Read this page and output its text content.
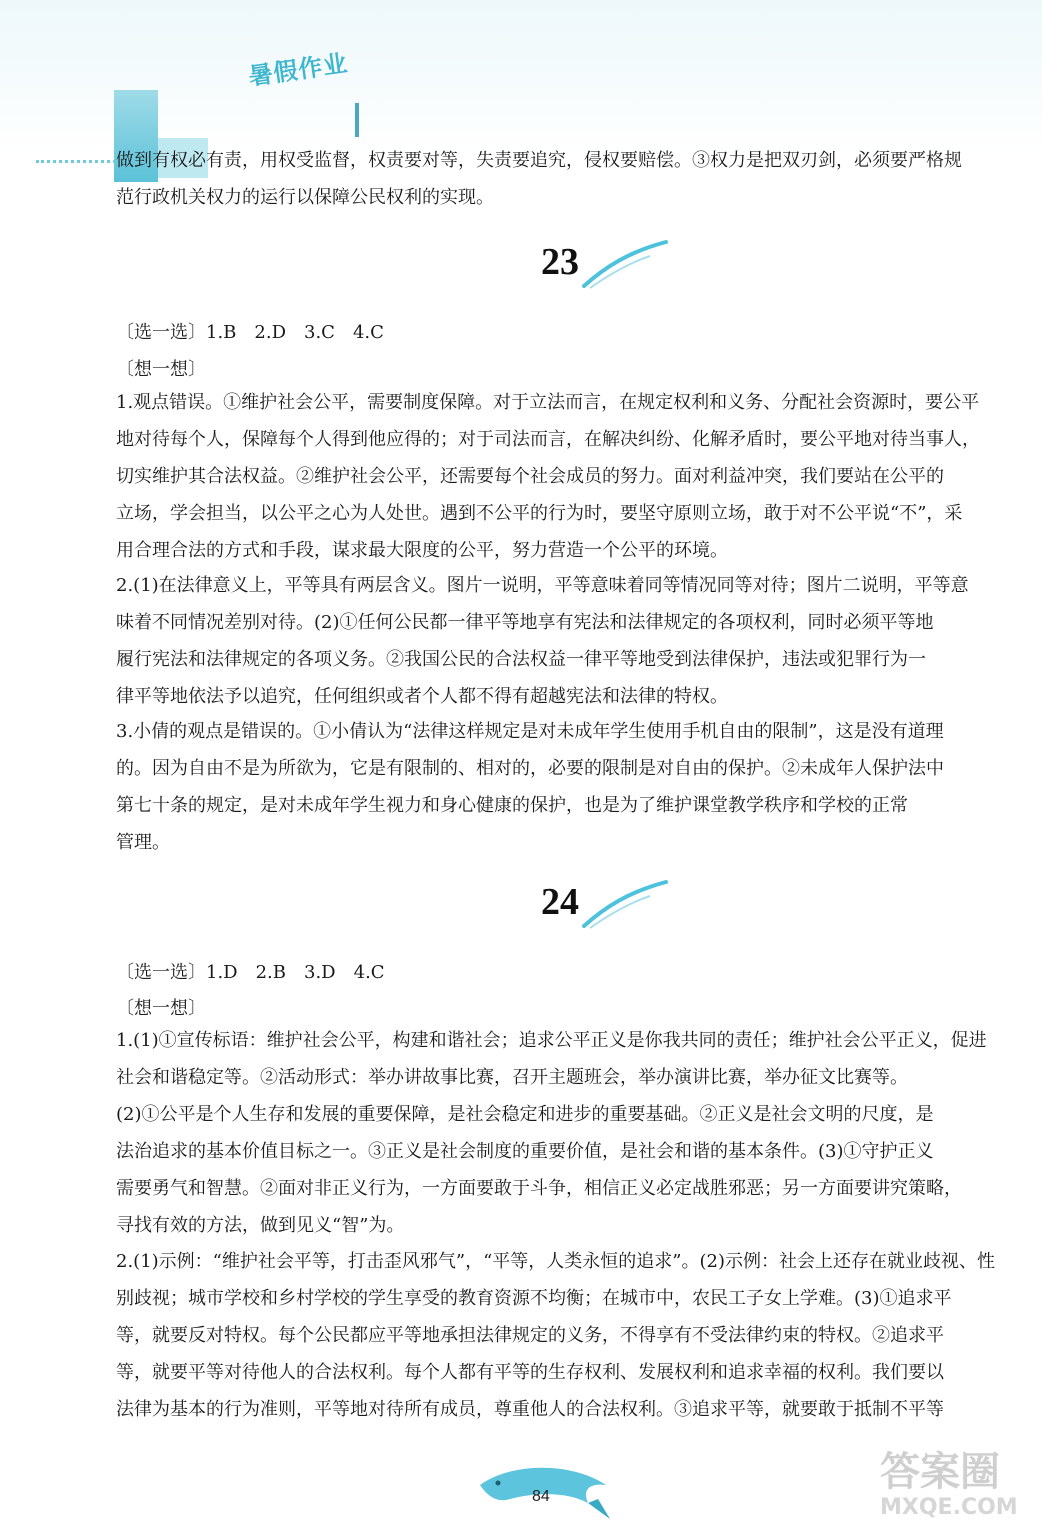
暑假作业
做到有权必有责，用权受监督，权责要对等，失责要追究，侵权要赔偿。③权力是把双刃剑，必须要严格规
范行政机关权力的运行以保障公民权利的实现。
23
〔选一选〕1.B　2.D　3.C　4.C
〔想一想〕
1.观点错误。①维护社会公平，需要制度保障。对于立法而言，在规定权利和义务、分配社会资源时，要公平
地对待每个人，保障每个人得到他应得的；对于司法而言，在解决纠纷、化解矛盾时，要公平地对待当事人，
切实维护其合法权益。②维护社会公平，还需要每个社会成员的努力。面对利益冲突，我们要站在公平的
立场，学会担当，以公平之心为人处世。遇到不公平的行为时，要坚守原则立场，敢于对不公平说“不”，采
用合理合法的方式和手段，谋求最大限度的公平，努力营造一个公平的环境。
2.(1)在法律意义上，平等具有两层含义。图片一说明，平等意味着同等情况同等对待；图片二说明，平等意
味着不同情况差别对待。(2)①任何公民都一律平等地享有宪法和法律规定的各项权利，同时必须平等地
履行宪法和法律规定的各项义务。②我国公民的合法权益一律平等地受到法律保护，违法或犯罪行为一
律平等地依法予以追究，任何组织或者个人都不得有超越宪法和法律的特权。
3.小倩的观点是错误的。①小倩认为“法律这样规定是对未成年学生使用手机自由的限制”，这是没有道理
的。因为自由不是为所欲为，它是有限制的、相对的，必要的限制是对自由的保护。②未成年人保护法中
第七十条的规定，是对未成年学生视力和身心健康的保护，也是为了维护课堂教学秩序和学校的正常
管理。
24
〔选一选〕1.D　2.B　3.D　4.C
〔想一想〕
1.(1)①宣传标语：维护社会公平，构建和谐社会；追求公平正义是你我共同的责任；维护社会公平正义，促进
社会和谐稳定等。②活动形式：举办讲故事比赛，召开主题班会，举办演讲比赛，举办征文比赛等。
(2)①公平是个人生存和发展的重要保障，是社会稳定和进步的重要基础。②正义是社会文明的尺度，是
法治追求的基本价值目标之一。③正义是社会制度的重要价值，是社会和谐的基本条件。(3)①守护正义
需要勇气和智慧。②面对非正义行为，一方面要敢于斗争，相信正义必定战胜邪恶；另一方面要讲究策略，
寻找有效的方法，做到见义“智”为。
2.(1)示例：“维护社会平等，打击歪风邪气”，“平等，人类永恒的追求”。(2)示例：社会上还存在就业歧视、性
别歧视；城市学校和乡村学校的学生享受的教育资源不均衡；在城市中，农民工子女上学难。(3)①追求平
等，就要反对特权。每个公民都应平等地承担法律规定的义务，不得享有不受法律约束的特权。②追求平
等，就要平等对待他人的合法权利。每个人都有平等的生存权利、发展权利和追求幸福的权利。我们要以
法律为基本的行为准则，平等地对待所有成员，尊重他人的合法权利。③追求平等，就要敢于抵制不平等
84
答案圈
MXQE.COM
